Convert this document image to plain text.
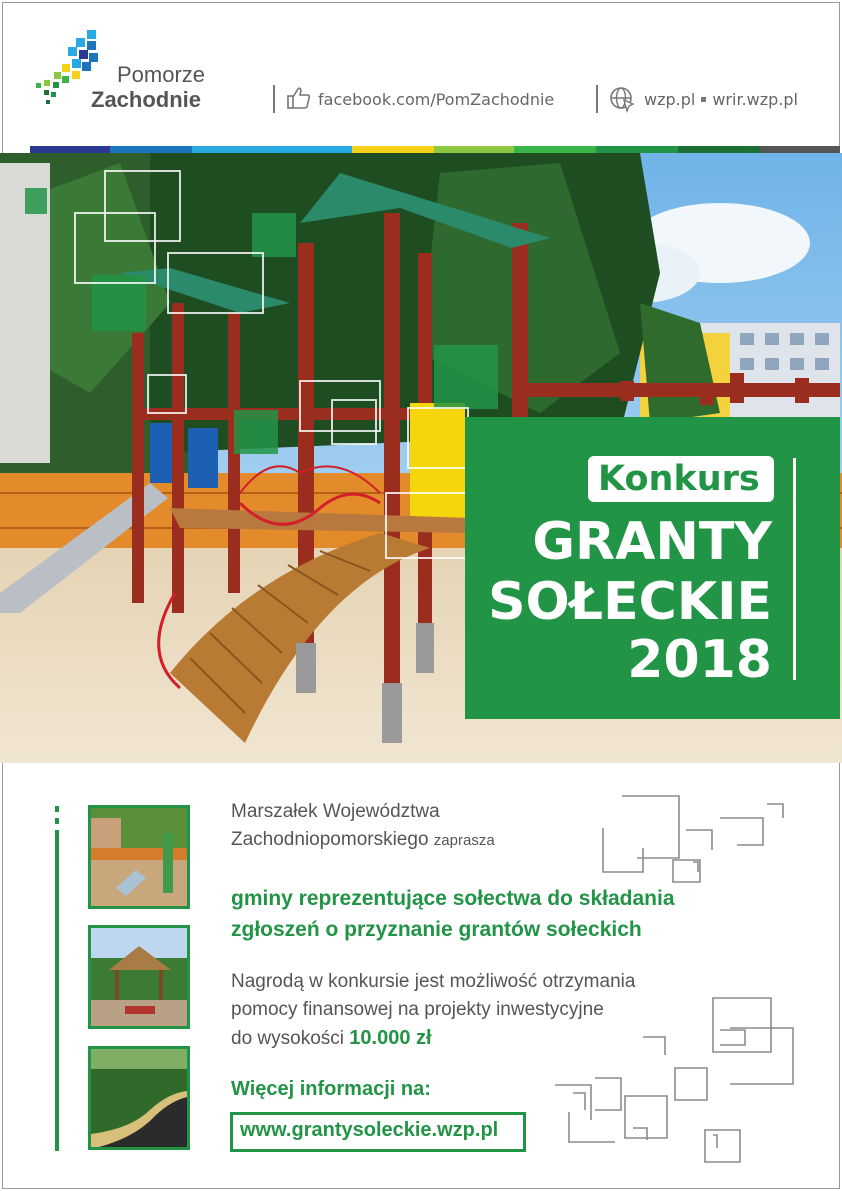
Pomorze
Zachodnie	facebook.com/PomZachodnie	wzp.pl wrir.wzp.pl
Konkurs
GRANTY
SOŁECKIE
2018
Marszałek Województwa
Zachodniopomorskiego zaprasza
gminy reprezentujące sołectwa do składania
zgłoszeń o przyznanie grantów sołeckich
Nagrodą w konkursie jest możliwość otrzymania
pomocy finansowej na projekty inwestycyjne
do wysokości 10.000 zł
Więcej informacji na:
www.grantysoleckie.wzp.pl
